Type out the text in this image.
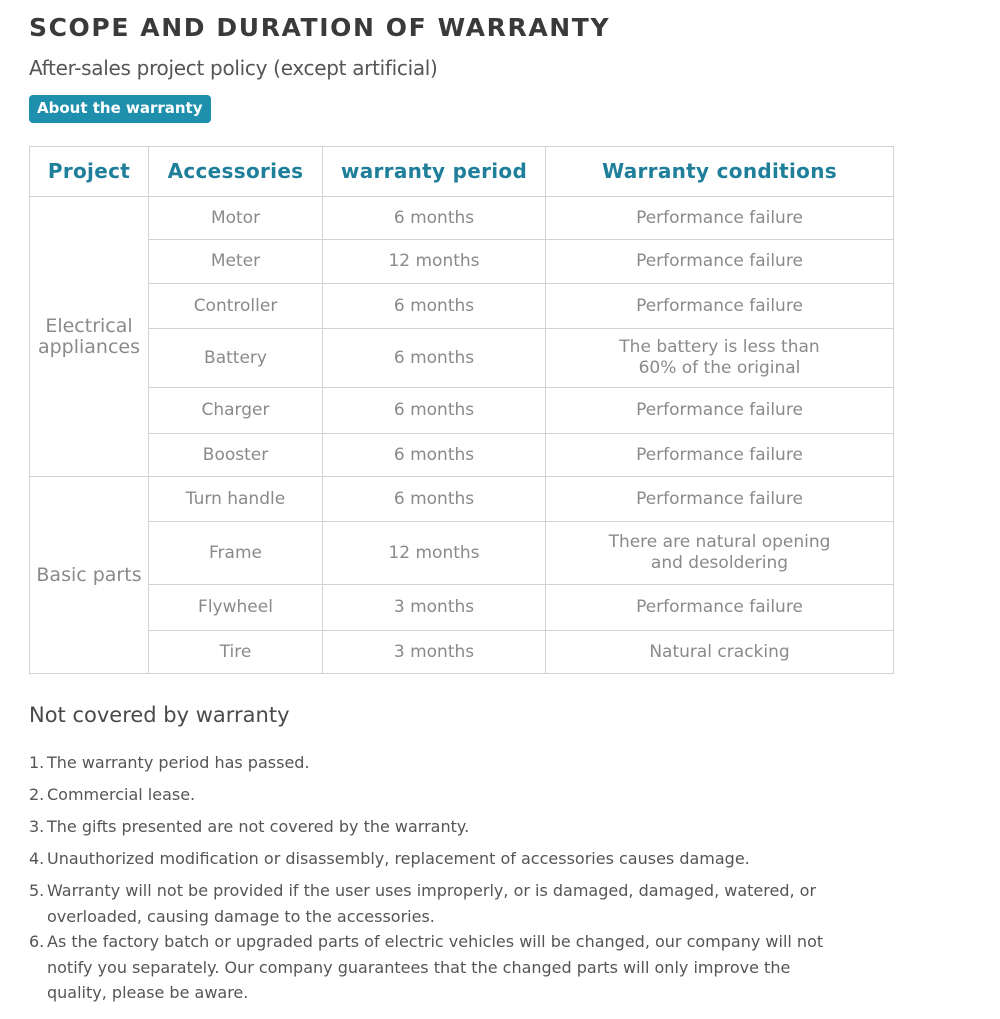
SCOPE AND DURATION OF WARRANTY
After-sales project policy (except artificial)
About the warranty
Project	Accessories	warranty period	Warranty conditions
Electrical appliances	Motor	6 months	Performance failure
	Meter	12 months	Performance failure
	Controller	6 months	Performance failure
	Battery	6 months	The battery is less than 60% of the original
	Charger	6 months	Performance failure
	Booster	6 months	Performance failure
Basic parts	Turn handle	6 months	Performance failure
	Frame	12 months	There are natural opening and desoldering
	Flywheel	3 months	Performance failure
	Tire	3 months	Natural cracking
Not covered by warranty
1. The warranty period has passed.
2. Commercial lease.
3. The gifts presented are not covered by the warranty.
4. Unauthorized modification or disassembly, replacement of accessories causes damage.
5. Warranty will not be provided if the user uses improperly, or is damaged, damaged, watered, or overloaded, causing damage to the accessories.
6. As the factory batch or upgraded parts of electric vehicles will be changed, our company will not notify you separately. Our company guarantees that the changed parts will only improve the quality, please be aware.
